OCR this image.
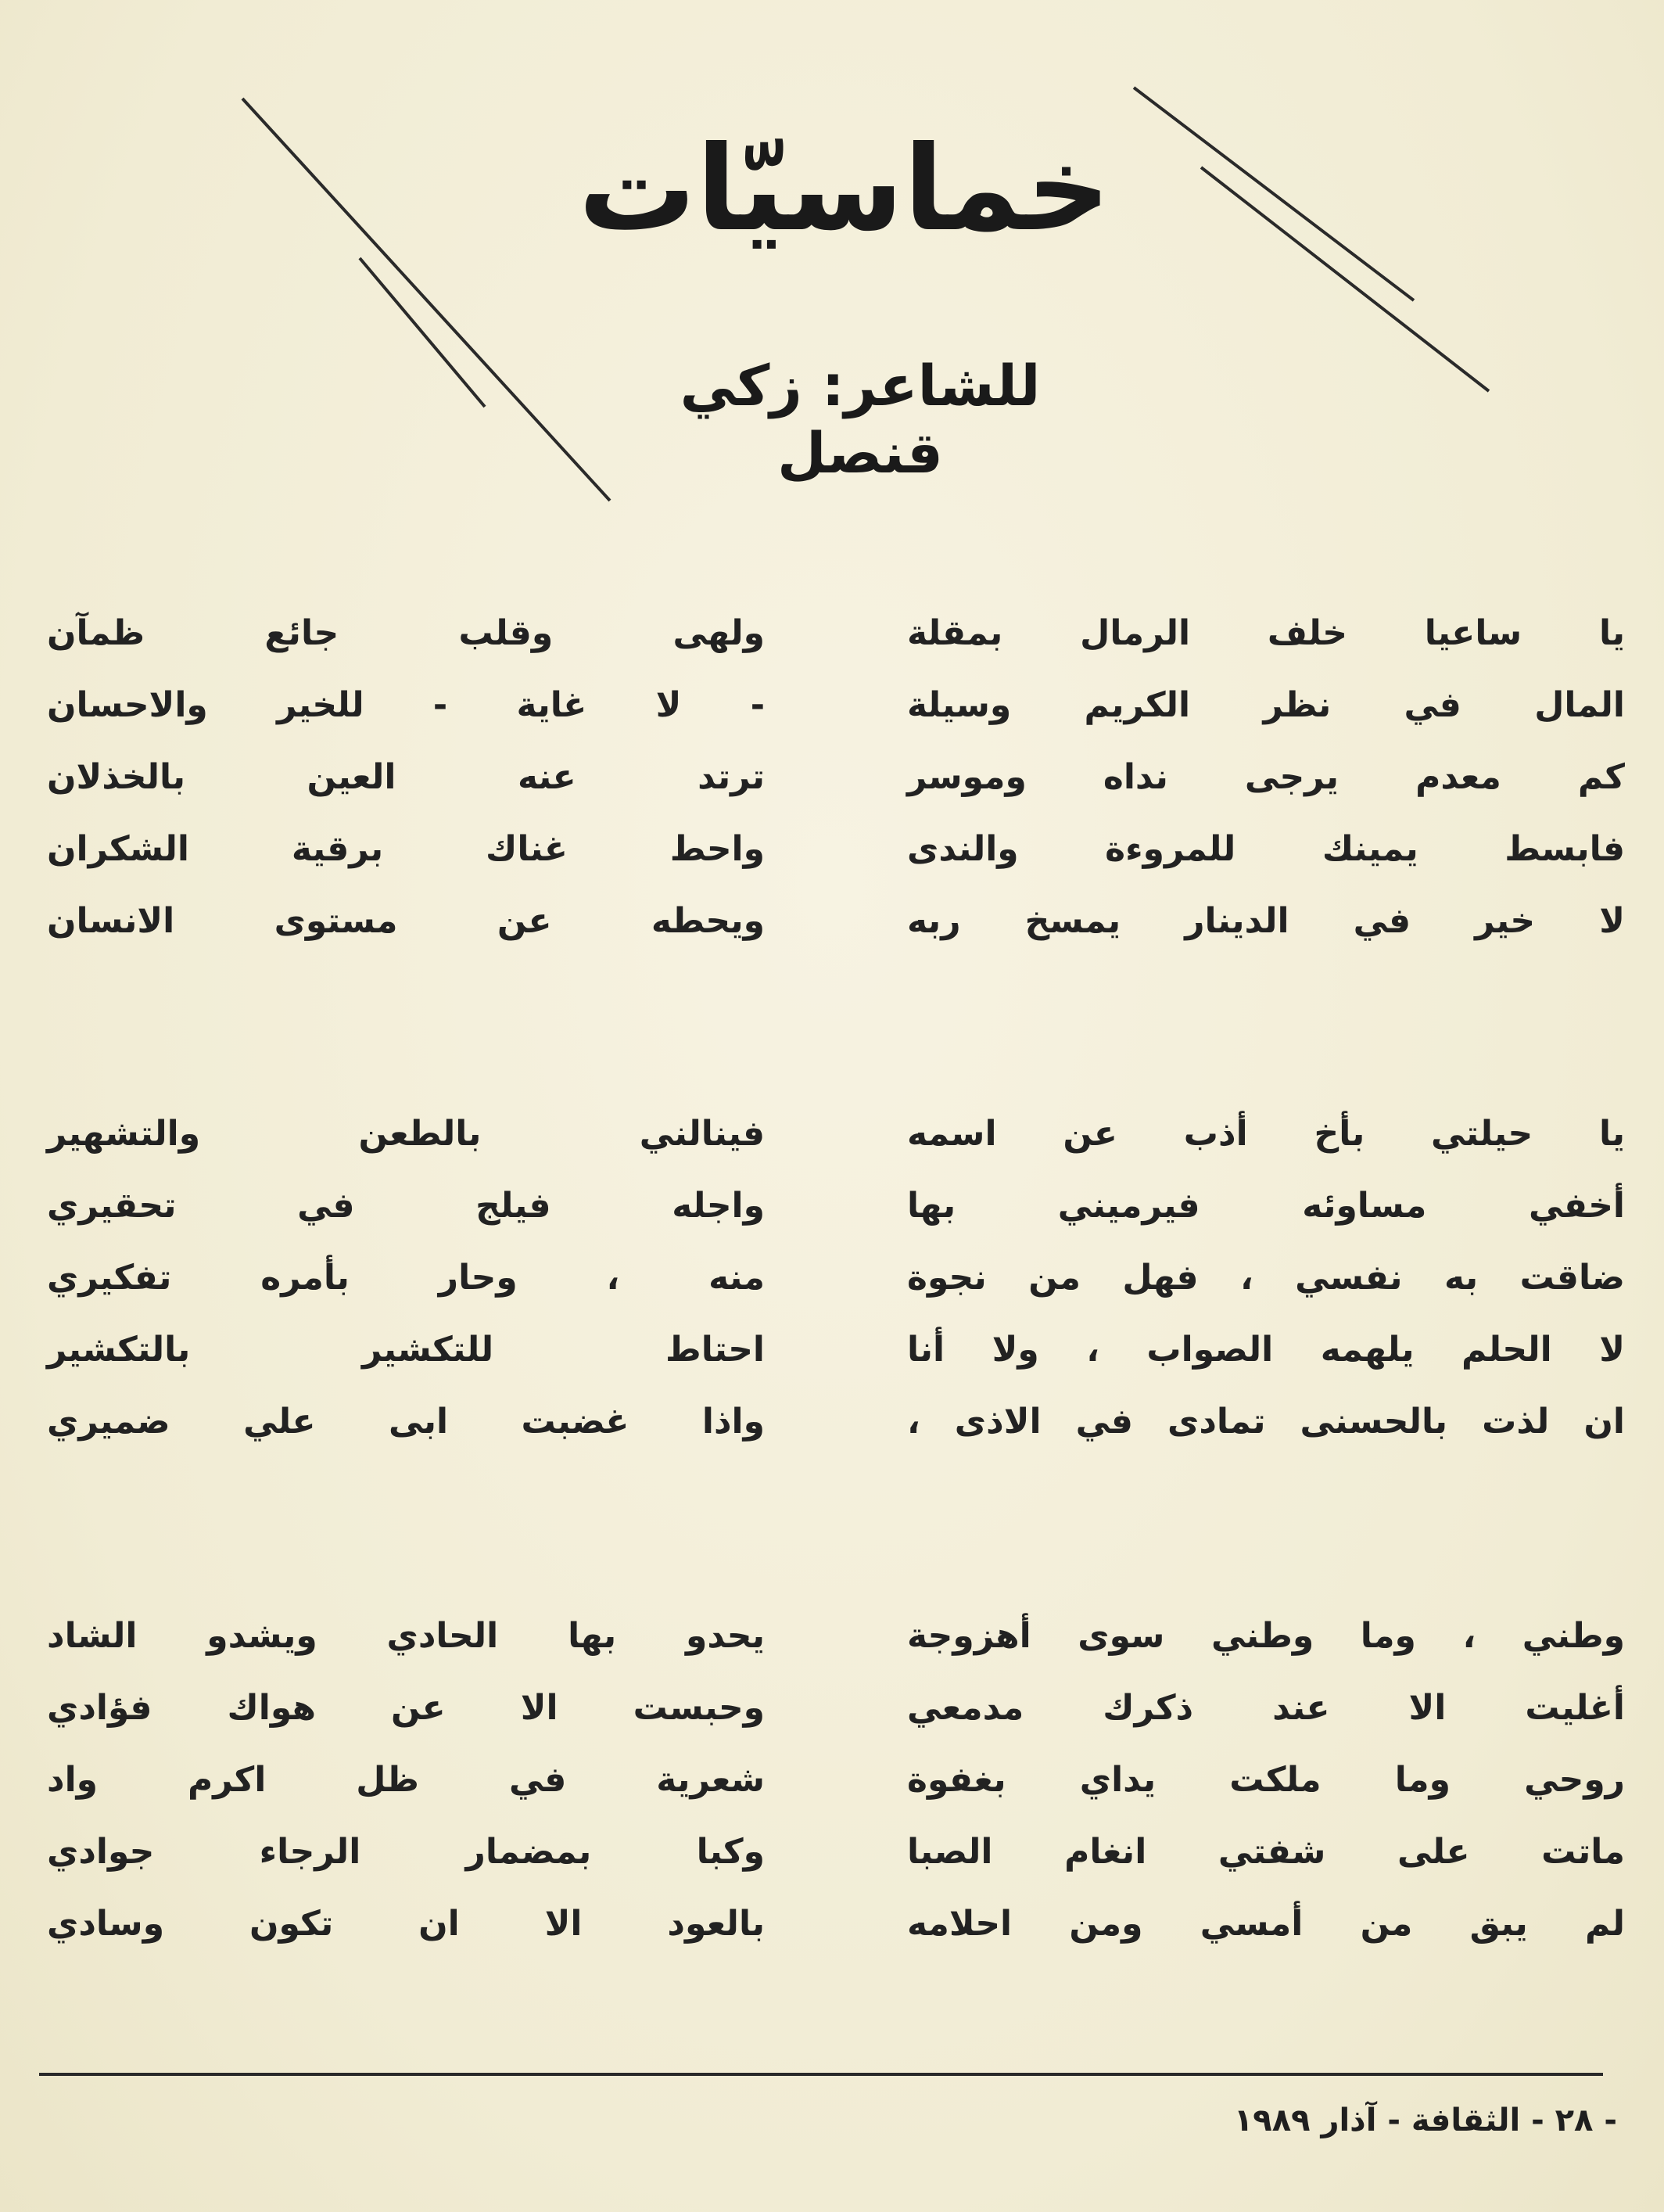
خماسيّات
للشاعر: زكي قنصل
يا ساعيا خلف الرمال بمقلة
المال في نظر الكريم وسيلة
كم معدم يرجى نداه وموسر
فابسط يمينك للمروءة والندى
لا خير في الدينار يمسخ ربه
ولهى وقلب جائع ظمآن
- لا غاية - للخير والاحسان
ترتد عنه العين بالخذلان
واحط غناك برقية الشكران
ويحطه عن مستوى الانسان
يا حيلتي بأخ أذب عن اسمه
أخفي مساوئه فيرميني بها
ضاقت به نفسي ، فهل من نجوة
لا الحلم يلهمه الصواب ، ولا أنا
ان لذت بالحسنى تمادى في الاذى ،
فينالني بالطعن والتشهير
واجله فيلج في تحقيري
منه ، وحار بأمره تفكيري
احتاط للتكشير بالتكشير
واذا غضبت ابى علي ضميري
وطني ، وما وطني سوى أهزوجة
أغليت الا عند ذكرك مدمعي
روحي وما ملكت يداي بغفوة
ماتت على شفتي انغام الصبا
لم يبق من أمسي ومن احلامه
يحدو بها الحادي ويشدو الشاد
وحبست الا عن هواك فؤادي
شعرية في ظل اكرم واد
وكبا بمضمار الرجاء جوادي
بالعود الا ان تكون وسادي
- ٢٨ - الثقافة - آذار ١٩٨٩
